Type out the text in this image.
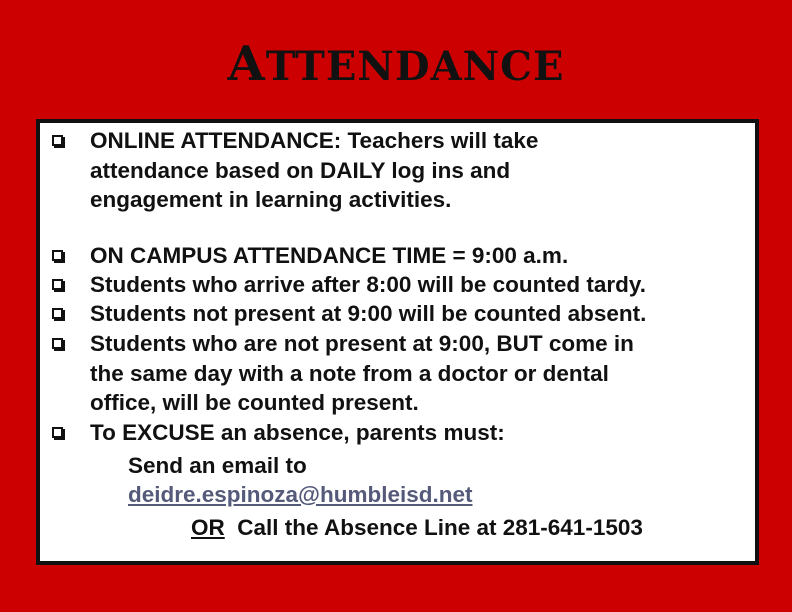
ATTENDANCE
ONLINE ATTENDANCE: Teachers will take
attendance based on DAILY log ins and
engagement in learning activities.
ON CAMPUS ATTENDANCE TIME = 9:00 a.m.
Students who arrive after 8:00 will be counted tardy.
Students not present at 9:00 will be counted absent.
Students who are not present at 9:00, BUT come in
the same day with a note from a doctor or dental
office, will be counted present.
To EXCUSE an absence, parents must:
Send an email to
deidre.espinoza@humbleisd.net
OR Call the Absence Line at 281-641-1503
